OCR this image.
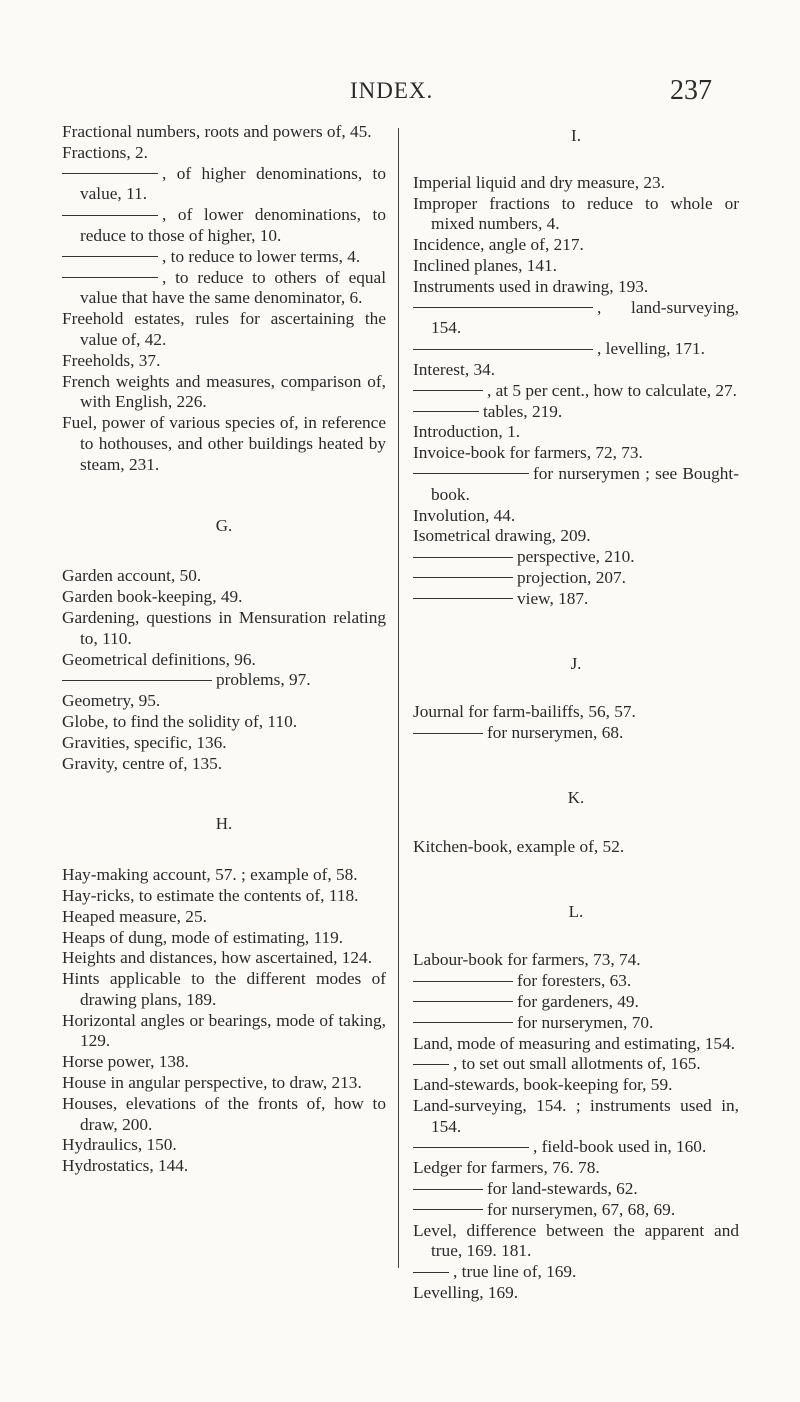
INDEX.	237
Fractional numbers, roots and powers of, 45.
Fractions, 2.
, of higher denominations, to value, 11.
, of lower denominations, to reduce to those of higher, 10.
, to reduce to lower terms, 4.
, to reduce to others of equal value that have the same denominator, 6.
Freehold estates, rules for ascertaining the value of, 42.
Freeholds, 37.
French weights and measures, comparison of, with English, 226.
Fuel, power of various species of, in reference to hothouses, and other buildings heated by steam, 231.
G.
Garden account, 50.
Garden book-keeping, 49.
Gardening, questions in Mensuration relating to, 110.
Geometrical definitions, 96.
problems, 97.
Geometry, 95.
Globe, to find the solidity of, 110.
Gravities, specific, 136.
Gravity, centre of, 135.
H.
Hay-making account, 57. ; example of, 58.
Hay-ricks, to estimate the contents of, 118.
Heaped measure, 25.
Heaps of dung, mode of estimating, 119.
Heights and distances, how ascertained, 124.
Hints applicable to the different modes of drawing plans, 189.
Horizontal angles or bearings, mode of taking, 129.
Horse power, 138.
House in angular perspective, to draw, 213.
Houses, elevations of the fronts of, how to draw, 200.
Hydraulics, 150.
Hydrostatics, 144.
I.
Imperial liquid and dry measure, 23.
Improper fractions to reduce to whole or mixed numbers, 4.
Incidence, angle of, 217.
Inclined planes, 141.
Instruments used in drawing, 193.
, land-surveying, 154.
, levelling, 171.
Interest, 34.
, at 5 per cent., how to calculate, 27.
tables, 219.
Introduction, 1.
Invoice-book for farmers, 72, 73.
for nurserymen ; see Bought-book.
Involution, 44.
Isometrical drawing, 209.
perspective, 210.
projection, 207.
view, 187.
J.
Journal for farm-bailiffs, 56, 57.
for nurserymen, 68.
K.
Kitchen-book, example of, 52.
L.
Labour-book for farmers, 73, 74.
for foresters, 63.
for gardeners, 49.
for nurserymen, 70.
Land, mode of measuring and estimating, 154.
, to set out small allotments of, 165.
Land-stewards, book-keeping for, 59.
Land-surveying, 154. ; instruments used in, 154.
, field-book used in, 160.
Ledger for farmers, 76. 78.
for land-stewards, 62.
for nurserymen, 67, 68, 69.
Level, difference between the apparent and true, 169. 181.
, true line of, 169.
Levelling, 169.
